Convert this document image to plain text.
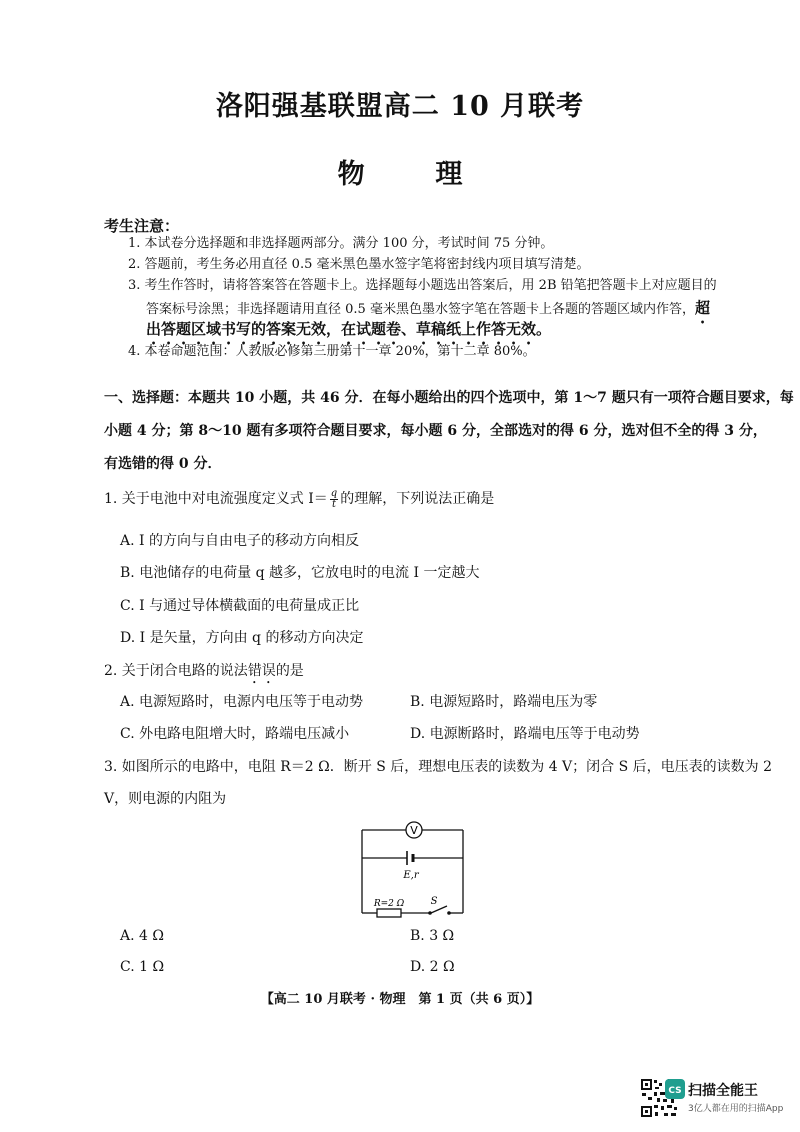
洛阳强基联盟高二 10 月联考
物	理
考生注意：
1. 本试卷分选择题和非选择题两部分。满分 100 分，考试时间 75 分钟。
2. 答题前，考生务必用直径 0.5 毫米黑色墨水签字笔将密封线内项目填写清楚。
3. 考生作答时，请将答案答在答题卡上。选择题每小题选出答案后，用 2B 铅笔把答题卡上对应题目的
答案标号涂黑；非选择题请用直径 0.5 毫米黑色墨水签字笔在答题卡上各题的答题区域内作答，超
出答题区域书写的答案无效，在试题卷、草稿纸上作答无效。
4. 本卷命题范围：人教版必修第三册第十一章 20%，第十二章 80%。
一、选择题：本题共 10 小题，共 46 分．在每小题给出的四个选项中，第 1～7 题只有一项符合题目要求，每
小题 4 分；第 8～10 题有多项符合题目要求，每小题 6 分，全部选对的得 6 分，选对但不全的得 3 分，
有选错的得 0 分．
1. 关于电池中对电流强度定义式 $I= \frac{q}{t}$ 的理解，下列说法正确是
A. I 的方向与自由电子的移动方向相反
B. 电池储存的电荷量 q 越多，它放电时的电流 I 一定越大
C. I 与通过导体横截面的电荷量成正比
D. I 是矢量，方向由 q 的移动方向决定
2. 关于闭合电路的说法错误的是
A. 电源短路时，电源内电压等于电动势	B. 电源短路时，路端电压为零
C. 外电路电阻增大时，路端电压减小	D. 电源断路时，路端电压等于电动势
3. 如图所示的电路中，电阻 R＝2 Ω．断开 S 后，理想电压表的读数为 4 V；闭合 S 后，电压表的读数为 2
V，则电源的内阻为
V
E,r
R=2 Ω	S
A. 4 Ω	B. 3 Ω
C. 1 Ω	D. 2 Ω
【高二 10 月联考 · 物理　第 1 页（共 6 页）】
CS 扫描全能王
3亿人都在用的扫描App
